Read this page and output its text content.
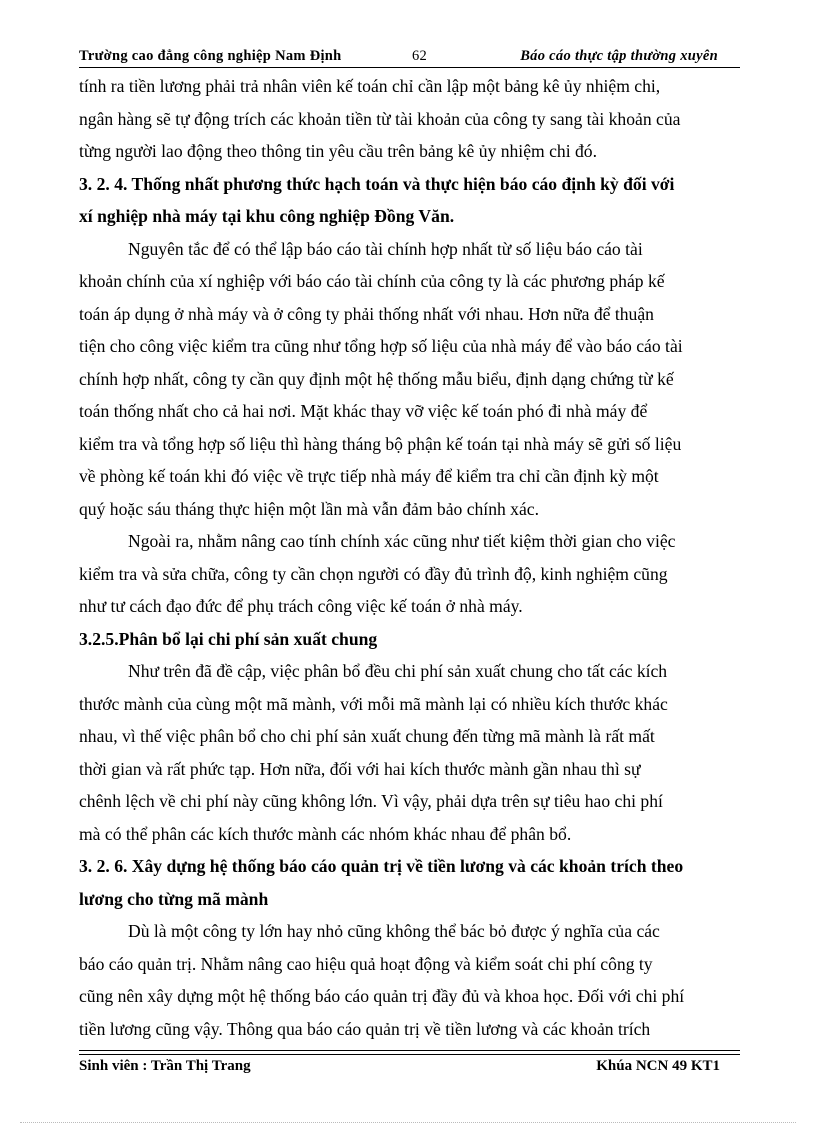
Trường cao đẳng công nghiệp Nam Định	62	Báo cáo thực tập thường xuyên
tính ra tiền lương phải trả nhân viên kế toán chỉ cần lập một bảng kê ủy nhiệm chi,
ngân hàng sẽ tự động trích các khoản tiền từ tài khoản của công ty sang tài khoản của
từng người lao động theo thông tin yêu cầu trên bảng kê ủy nhiệm chi đó.
3. 2. 4. Thống nhất phương thức hạch toán và thực hiện báo cáo định kỳ đối với
xí nghiệp nhà máy tại khu công nghiệp Đồng Văn.
Nguyên tắc để có thể lập báo cáo tài chính hợp nhất từ số liệu báo cáo tài
khoản chính của xí nghiệp với báo cáo tài chính của công ty là các phương pháp kế
toán áp dụng ở nhà máy và ở công ty phải thống nhất với nhau. Hơn nữa để thuận
tiện cho công việc kiểm tra cũng như tổng hợp số liệu của nhà máy để vào báo cáo tài
chính hợp nhất, công ty cần quy định một hệ thống mẫu biểu, định dạng chứng từ kế
toán thống nhất cho cả hai nơi. Mặt khác thay vỡ việc kế toán phó đi nhà máy để
kiểm tra và tổng hợp số liệu thì hàng tháng bộ phận kế toán tại nhà máy sẽ gửi số liệu
về phòng kế toán khi đó việc về trực tiếp nhà máy để kiểm tra chỉ cần định kỳ một
quý hoặc sáu tháng thực hiện một lần mà vẫn đảm bảo chính xác.
Ngoài ra, nhằm nâng cao tính chính xác cũng như tiết kiệm thời gian cho việc
kiểm tra và sửa chữa, công ty cần chọn người có đầy đủ trình độ, kinh nghiệm cũng
như tư cách đạo đức để phụ trách công việc kế toán ở nhà máy.
3.2.5.Phân bổ lại chi phí sản xuất chung
Như trên đã đề cập, việc phân bổ đều chi phí sản xuất chung cho tất các kích
thước mành của cùng một mã mành, với mỗi mã mành lại có nhiều kích thước khác
nhau, vì thế việc phân bổ cho chi phí sản xuất chung đến từng mã mành là rất mất
thời gian và rất phức tạp. Hơn nữa, đối với hai kích thước mành gần nhau thì sự
chênh lệch về chi phí này cũng không lớn. Vì vậy, phải dựa trên sự tiêu hao chi phí
mà có thể phân các kích thước mành các nhóm khác nhau để phân bổ.
3. 2. 6. Xây dựng hệ thống báo cáo quản trị về tiền lương và các khoản trích theo
lương cho từng mã mành
Dù là một công ty lớn hay nhỏ cũng không thể bác bỏ được ý nghĩa của các
báo cáo quản trị. Nhằm nâng cao hiệu quả hoạt động và kiểm soát chi phí công ty
cũng nên xây dựng một hệ thống báo cáo quản trị đầy đủ và khoa học. Đối với chi phí
tiền lương cũng vậy. Thông qua báo cáo quản trị về tiền lương và các khoản trích
Sinh viên : Trần Thị Trang	Khúa NCN 49 KT1
